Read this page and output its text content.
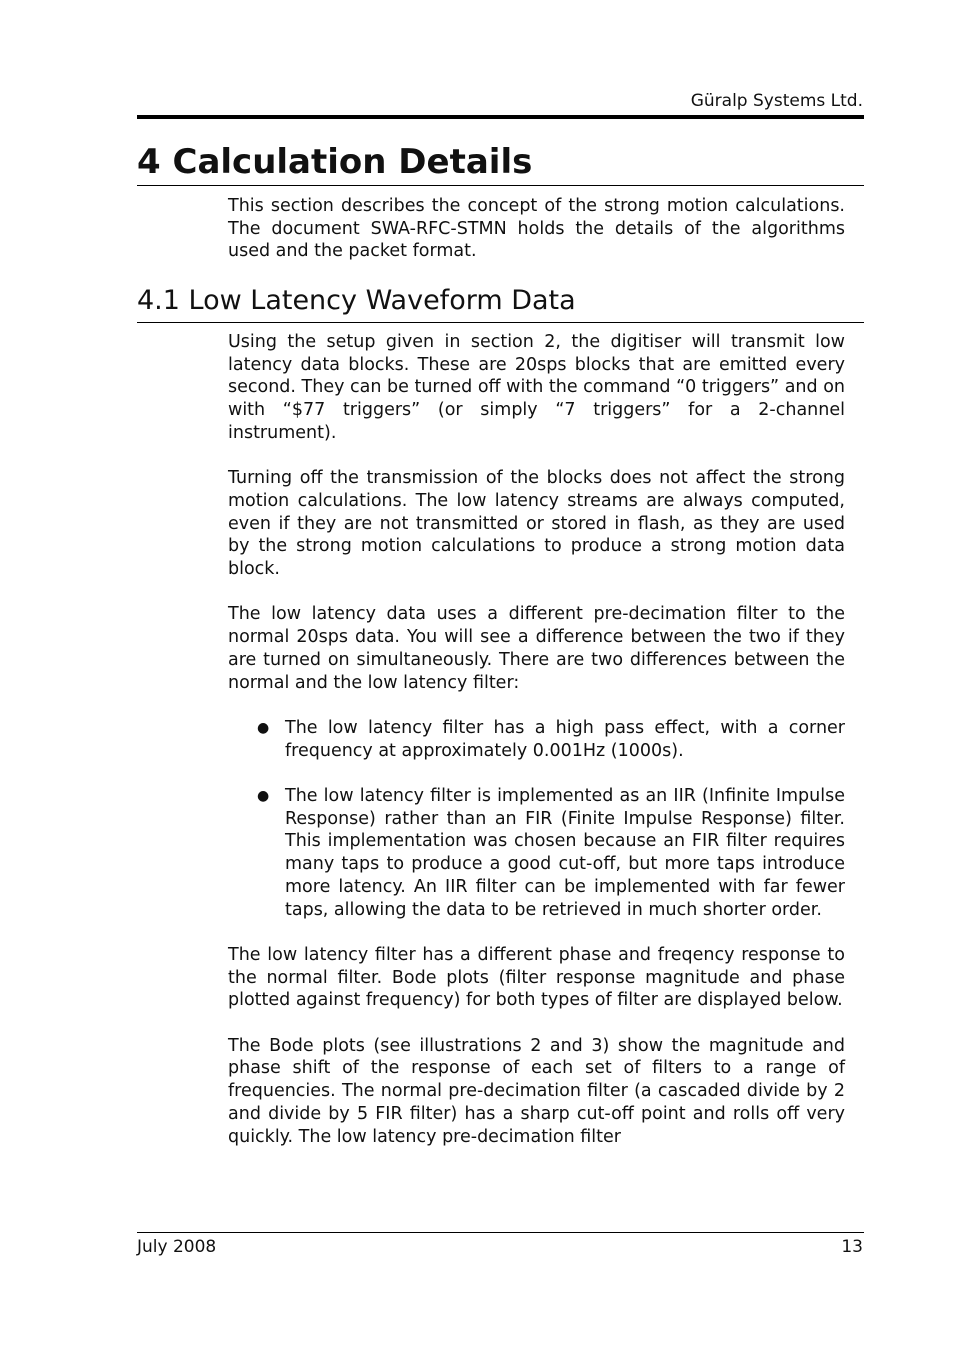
Güralp Systems Ltd.
4 Calculation Details

This section describes the concept of the strong motion calculations. The document SWA-RFC-STMN holds the details of the algorithms used and the packet format.

4.1 Low Latency Waveform Data

Using the setup given in section 2, the digitiser will transmit low latency data blocks. These are 20sps blocks that are emitted every second. They can be turned off with the command “0 triggers” and on with “$77 triggers” (or simply “7 triggers” for a 2-channel instrument).

Turning off the transmission of the blocks does not affect the strong motion calculations. The low latency streams are always computed, even if they are not transmitted or stored in flash, as they are used by the strong motion calculations to produce a strong motion data block.

The low latency data uses a different pre-decimation filter to the normal 20sps data. You will see a difference between the two if they are turned on simultaneously. There are two differences between the normal and the low latency filter:

● The low latency filter has a high pass effect, with a corner frequency at approximately 0.001Hz (1000s).
● The low latency filter is implemented as an IIR (Infinite Impulse Response) rather than an FIR (Finite Impulse Response) filter. This implementation was chosen because an FIR filter requires many taps to produce a good cut-off, but more taps introduce more latency. An IIR filter can be implemented with far fewer taps, allowing the data to be retrieved in much shorter order.

The low latency filter has a different phase and freqency response to the normal filter. Bode plots (filter response magnitude and phase plotted against frequency) for both types of filter are displayed below.

The Bode plots (see illustrations 2 and 3) show the magnitude and phase shift of the response of each set of filters to a range of frequencies. The normal pre-decimation filter (a cascaded divide by 2 and divide by 5 FIR filter) has a sharp cut-off point and rolls off very quickly. The low latency pre-decimation filter

July 2008	13
